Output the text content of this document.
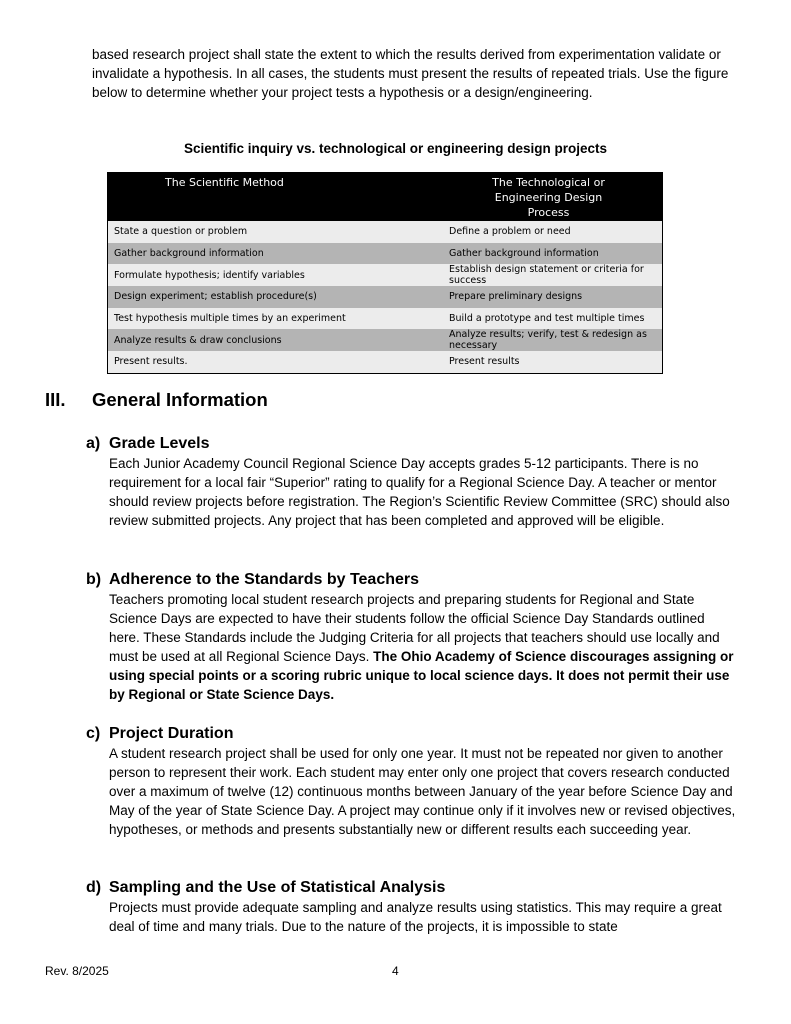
based research project shall state the extent to which the results derived from experimentation validate or invalidate a hypothesis. In all cases, the students must present the results of repeated trials. Use the figure below to determine whether your project tests a hypothesis or a design/engineering.

Scientific inquiry vs. technological or engineering design projects
The Scientific Method	The Technological or Engineering Design Process
State a question or problem	Define a problem or need
Gather background information	Gather background information
Formulate hypothesis; identify variables	Establish design statement or criteria for success
Design experiment; establish procedure(s)	Prepare preliminary designs
Test hypothesis multiple times by an experiment	Build a prototype and test multiple times
Analyze results & draw conclusions	Analyze results; verify, test & redesign as necessary
Present results.	Present results
III. General Information
a) Grade Levels
Each Junior Academy Council Regional Science Day accepts grades 5-12 participants. There is no requirement for a local fair “Superior” rating to qualify for a Regional Science Day. A teacher or mentor should review projects before registration. The Region’s Scientific Review Committee (SRC) should also review submitted projects. Any project that has been completed and approved will be eligible.
b) Adherence to the Standards by Teachers
Teachers promoting local student research projects and preparing students for Regional and State Science Days are expected to have their students follow the official Science Day Standards outlined here. These Standards include the Judging Criteria for all projects that teachers should use locally and must be used at all Regional Science Days. The Ohio Academy of Science discourages assigning or using special points or a scoring rubric unique to local science days. It does not permit their use by Regional or State Science Days.
c) Project Duration
A student research project shall be used for only one year. It must not be repeated nor given to another person to represent their work. Each student may enter only one project that covers research conducted over a maximum of twelve (12) continuous months between January of the year before Science Day and May of the year of State Science Day. A project may continue only if it involves new or revised objectives, hypotheses, or methods and presents substantially new or different results each succeeding year.
d) Sampling and the Use of Statistical Analysis
Projects must provide adequate sampling and analyze results using statistics. This may require a great deal of time and many trials. Due to the nature of the projects, it is impossible to state
Rev. 8/2025	4
